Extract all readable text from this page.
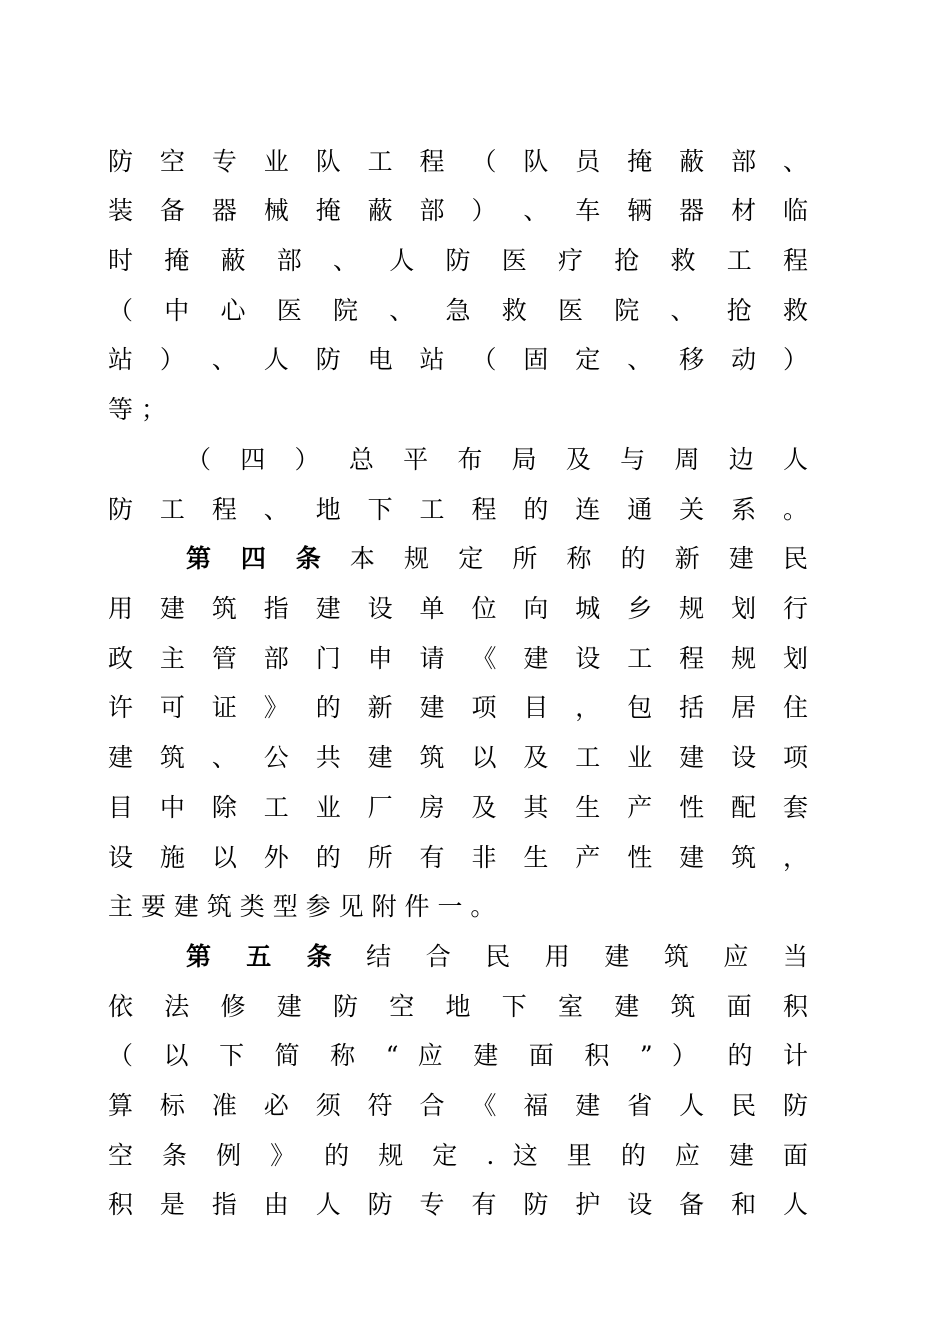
防 空 专 业 队 工 程 （ 队 员 掩 蔽 部 、
装 备 器 械 掩 蔽 部 ） 、 车 辆 器 材 临
时 掩 蔽 部 、 人 防 医 疗 抢 救 工 程
（ 中 心 医 院 、 急 救 医 院 、 抢 救
站 ） 、 人 防 电 站 （ 固 定 、 移 动 ）
等 ；
（ 四 ） 总 平 布 局 及 与 周 边 人
防 工 程 、 地 下 工 程 的 连 通 关 系 。
第 四 条 本 规 定 所 称 的 新 建 民
用 建 筑 指 建 设 单 位 向 城 乡 规 划 行
政 主 管 部 门 申 请 《 建 设 工 程 规 划
许 可 证 》 的 新 建 项 目 ， 包 括 居 住
建 筑 、 公 共 建 筑 以 及 工 业 建 设 项
目 中 除 工 业 厂 房 及 其 生 产 性 配 套
设 施 以 外 的 所 有 非 生 产 性 建 筑 ，
主 要 建 筑 类 型 参 见 附 件 一 。
第 五 条 结 合 民 用 建 筑 应 当
依 法 修 建 防 空 地 下 室 建 筑 面 积
（ 以 下 简 称 “ 应 建 面 积 ” ） 的 计
算 标 准 必 须 符 合 《 福 建 省 人 民 防
空 条 例 》 的 规 定 . 这 里 的 应 建 面
积 是 指 由 人 防 专 有 防 护 设 备 和 人
